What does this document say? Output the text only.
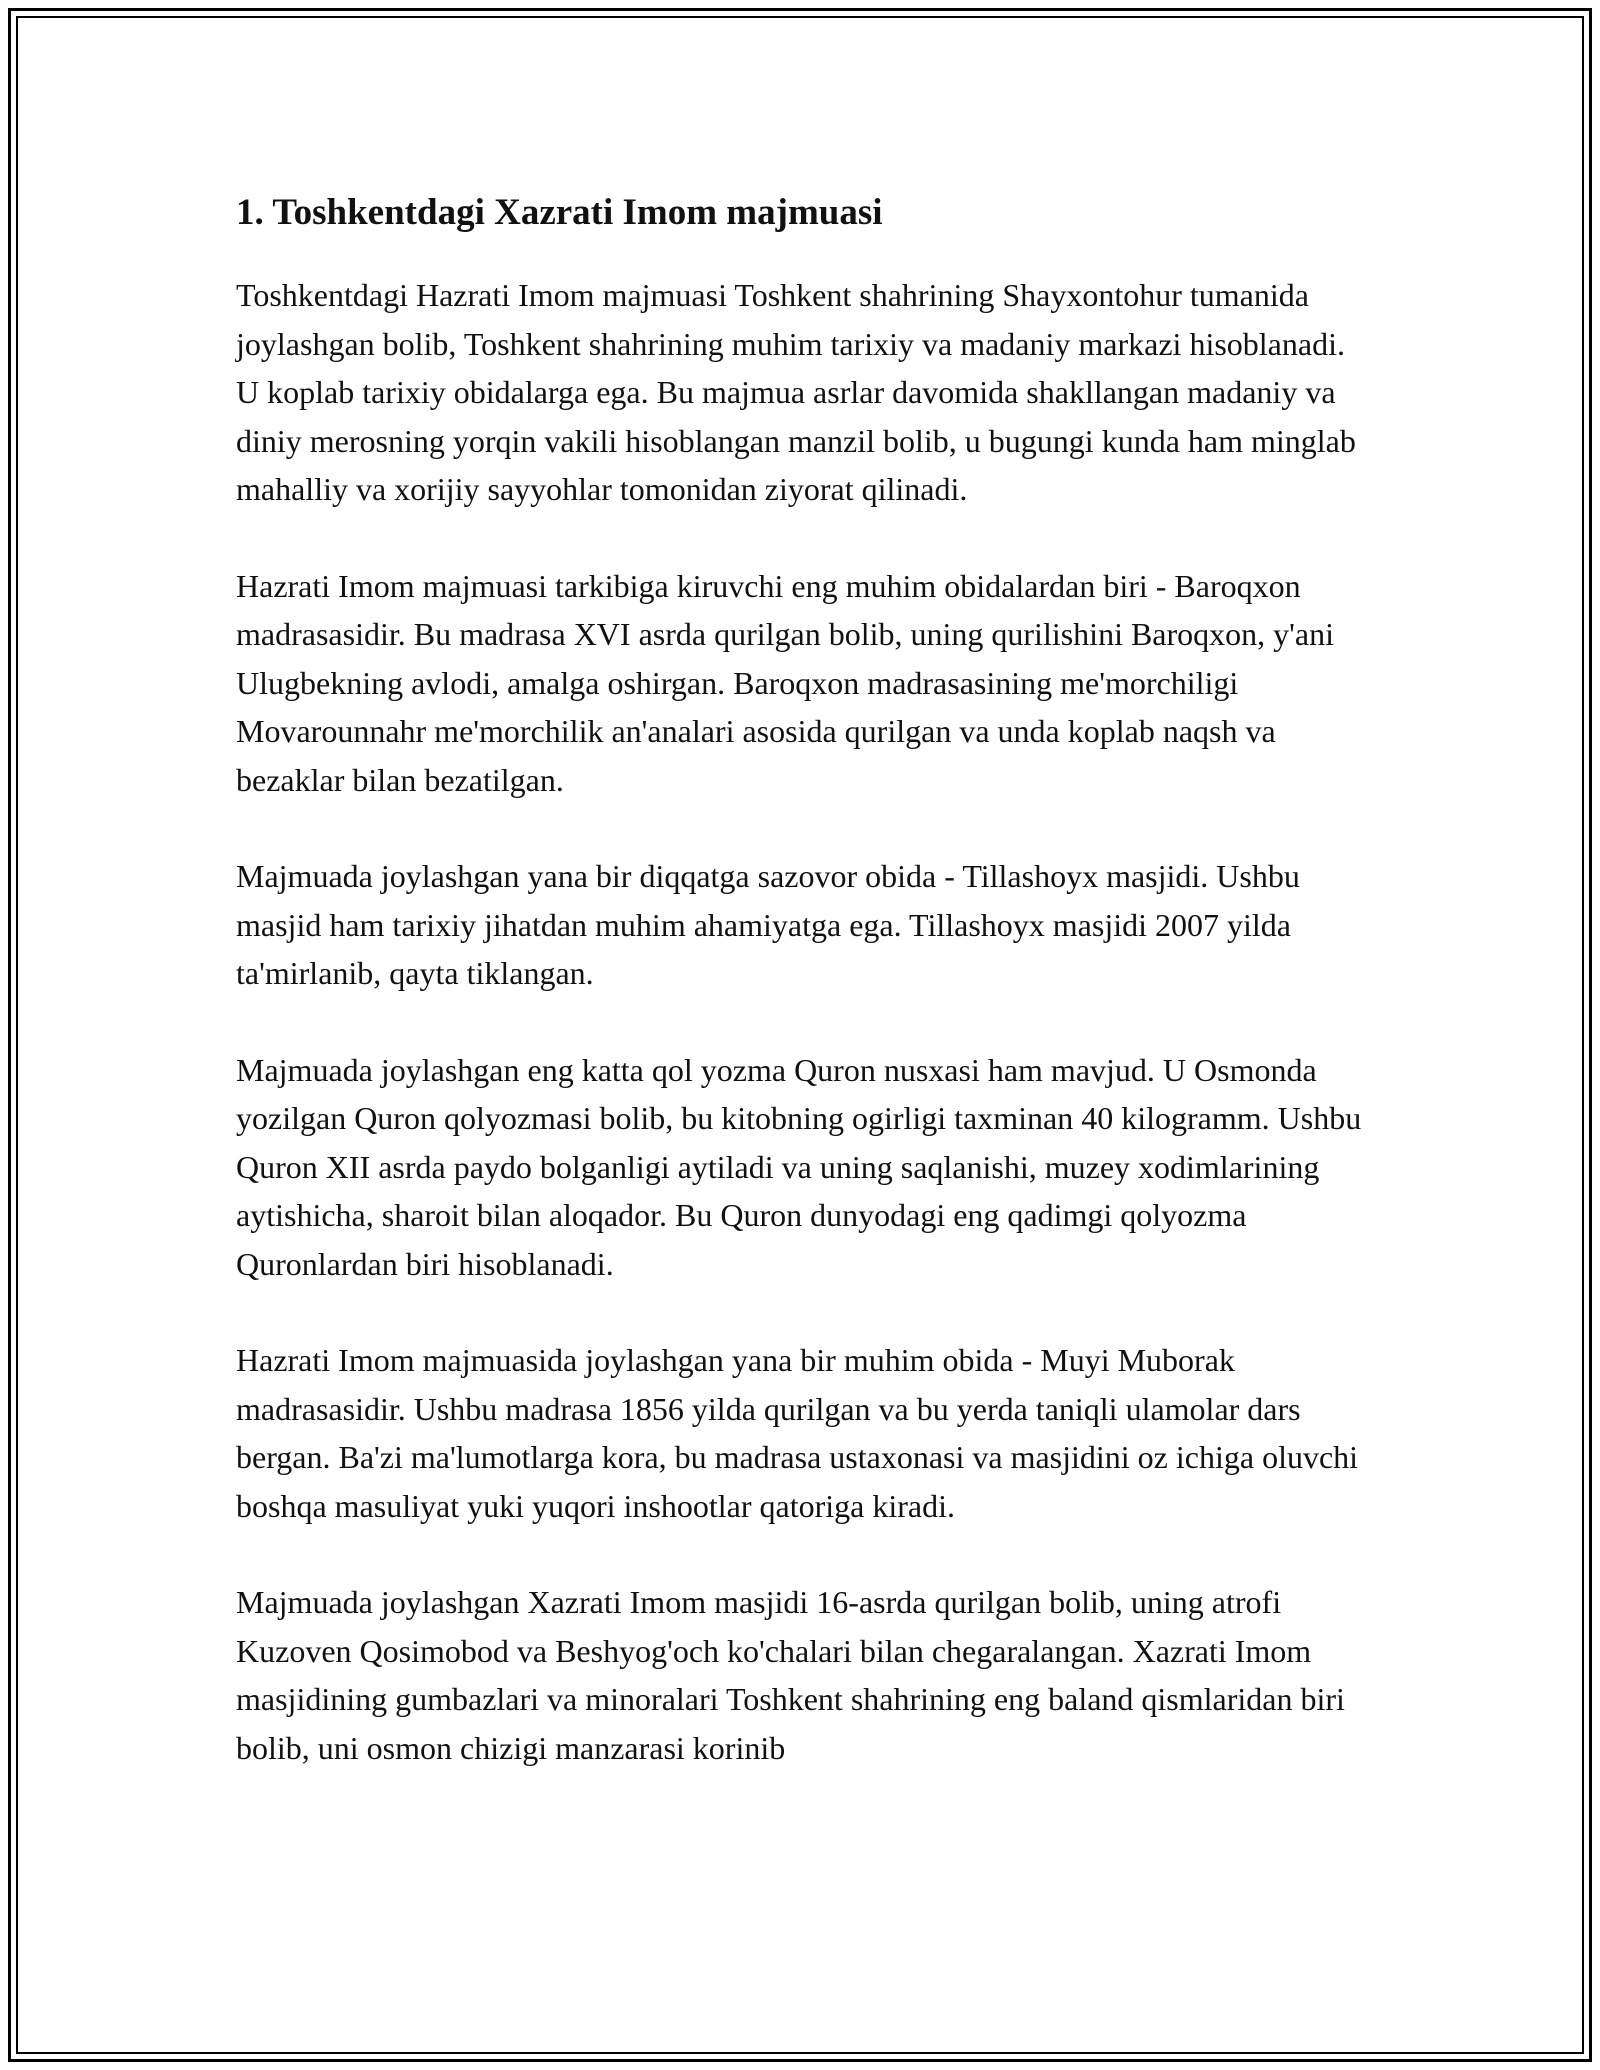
1. Toshkentdagi Xazrati Imom majmuasi

Toshkentdagi Hazrati Imom majmuasi Toshkent shahrining Shayxontohur tumanida joylashgan bolib, Toshkent shahrining muhim tarixiy va madaniy markazi hisoblanadi. U koplab tarixiy obidalarga ega. Bu majmua asrlar davomida shakllangan madaniy va diniy merosning yorqin vakili hisoblangan manzil bolib, u bugungi kunda ham minglab mahalliy va xorijiy sayyohlar tomonidan ziyorat qilinadi.

Hazrati Imom majmuasi tarkibiga kiruvchi eng muhim obidalardan biri - Baroqxon madrasasidir. Bu madrasa XVI asrda qurilgan bolib, uning qurilishini Baroqxon, y'ani Ulugbekning avlodi, amalga oshirgan. Baroqxon madrasasining me'morchiligi Movarounnahr me'morchilik an'analari asosida qurilgan va unda koplab naqsh va bezaklar bilan bezatilgan.

Majmuada joylashgan yana bir diqqatga sazovor obida - Tillashoyx masjidi. Ushbu masjid ham tarixiy jihatdan muhim ahamiyatga ega. Tillashoyx masjidi 2007 yilda ta'mirlanib, qayta tiklangan.

Majmuada joylashgan eng katta qol yozma Quron nusxasi ham mavjud. U Osmonda yozilgan Quron qolyozmasi bolib, bu kitobning ogirligi taxminan 40 kilogramm. Ushbu Quron XII asrda paydo bolganligi aytiladi va uning saqlanishi, muzey xodimlarining aytishicha, sharoit bilan aloqador. Bu Quron dunyodagi eng qadimgi qolyozma Quronlardan biri hisoblanadi.

Hazrati Imom majmuasida joylashgan yana bir muhim obida - Muyi Muborak madrasasidir. Ushbu madrasa 1856 yilda qurilgan va bu yerda taniqli ulamolar dars bergan. Ba'zi ma'lumotlarga kora, bu madrasa ustaxonasi va masjidini oz ichiga oluvchi boshqa masuliyat yuki yuqori inshootlar qatoriga kiradi.

Majmuada joylashgan Xazrati Imom masjidi 16-asrda qurilgan bolib, uning atrofi Kuzoven Qosimobod va Beshyog'och ko'chalari bilan chegaralangan. Xazrati Imom masjidining gumbazlari va minoralari Toshkent shahrining eng baland qismlaridan biri bolib, uni osmon chizigi manzarasi korinib
